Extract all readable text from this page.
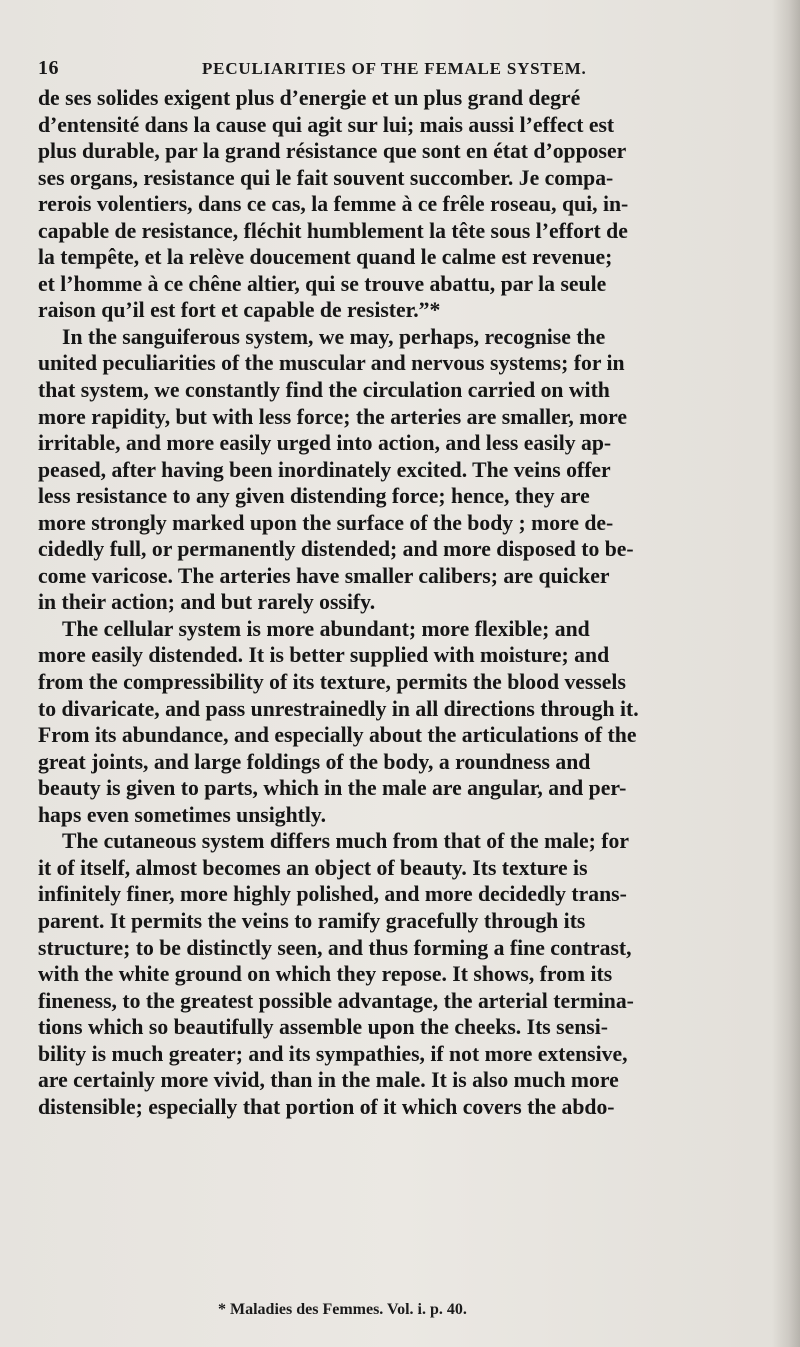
16	PECULIARITIES OF THE FEMALE SYSTEM.
de ses solides exigent plus d’energie et un plus grand degré
d’entensité dans la cause qui agit sur lui; mais aussi l’effect est
plus durable, par la grand résistance que sont en état d’opposer
ses organs, resistance qui le fait souvent succomber. Je compa-
rerois volentiers, dans ce cas, la femme à ce frêle roseau, qui, in-
capable de resistance, fléchit humblement la tête sous l’effort de
la tempête, et la relève doucement quand le calme est revenue;
et l’homme à ce chêne altier, qui se trouve abattu, par la seule
raison qu’il est fort et capable de resister.”*
In the sanguiferous system, we may, perhaps, recognise the
united peculiarities of the muscular and nervous systems; for in
that system, we constantly find the circulation carried on with
more rapidity, but with less force; the arteries are smaller, more
irritable, and more easily urged into action, and less easily ap-
peased, after having been inordinately excited. The veins offer
less resistance to any given distending force; hence, they are
more strongly marked upon the surface of the body ; more de-
cidedly full, or permanently distended; and more disposed to be-
come varicose. The arteries have smaller calibers; are quicker
in their action; and but rarely ossify.
The cellular system is more abundant; more flexible; and
more easily distended. It is better supplied with moisture; and
from the compressibility of its texture, permits the blood vessels
to divaricate, and pass unrestrainedly in all directions through it.
From its abundance, and especially about the articulations of the
great joints, and large foldings of the body, a roundness and
beauty is given to parts, which in the male are angular, and per-
haps even sometimes unsightly.
The cutaneous system differs much from that of the male; for
it of itself, almost becomes an object of beauty. Its texture is
infinitely finer, more highly polished, and more decidedly trans-
parent. It permits the veins to ramify gracefully through its
structure; to be distinctly seen, and thus forming a fine contrast,
with the white ground on which they repose. It shows, from its
fineness, to the greatest possible advantage, the arterial termina-
tions which so beautifully assemble upon the cheeks. Its sensi-
bility is much greater; and its sympathies, if not more extensive,
are certainly more vivid, than in the male. It is also much more
distensible; especially that portion of it which covers the abdo-
* Maladies des Femmes. Vol. i. p. 40.
